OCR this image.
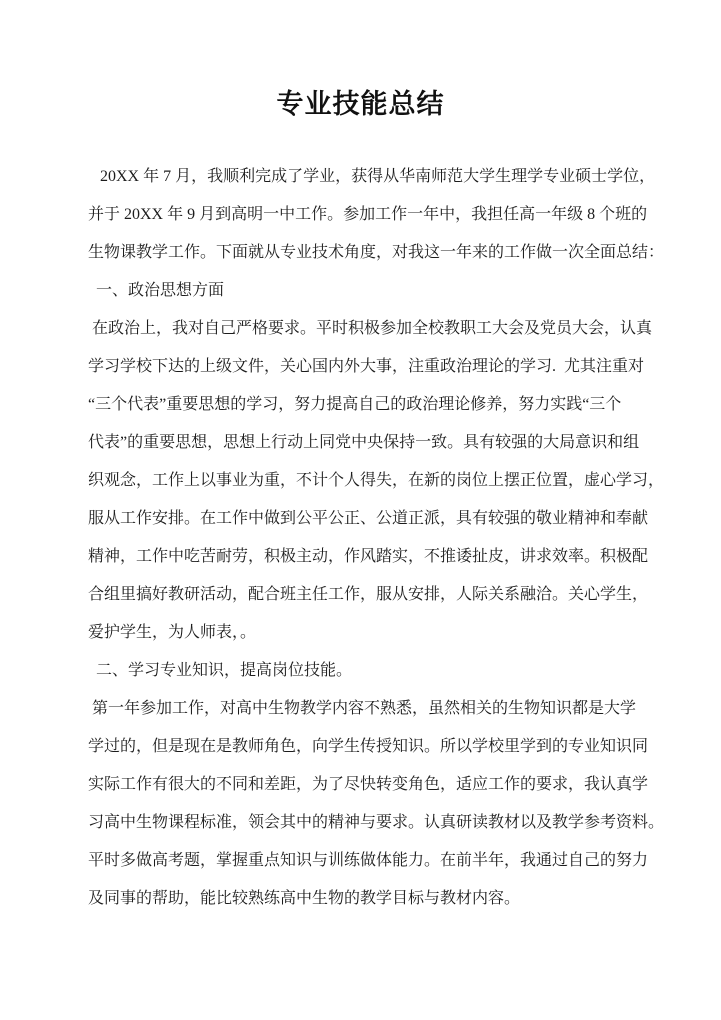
专业技能总结
20XX 年 7 月，我顺利完成了学业，获得从华南师范大学生理学专业硕士学位，
并于 20XX 年 9 月到高明一中工作。参加工作一年中，我担任高一年级 8 个班的
生物课教学工作。下面就从专业技术角度，对我这一年来的工作做一次全面总结：
一、政治思想方面
在政治上，我对自己严格要求。平时积极参加全校教职工大会及党员大会，认真
学习学校下达的上级文件，关心国内外大事，注重政治理论的学习.  尤其注重对
“三个代表”重要思想的学习，努力提高自己的政治理论修养，努力实践“三个
代表”的重要思想，思想上行动上同党中央保持一致。具有较强的大局意识和组
织观念，工作上以事业为重，不计个人得失，在新的岗位上摆正位置，虚心学习，
服从工作安排。在工作中做到公平公正、公道正派，具有较强的敬业精神和奉献
精神，工作中吃苦耐劳，积极主动，作风踏实，不推诿扯皮，讲求效率。积极配
合组里搞好教研活动，配合班主任工作，服从安排，人际关系融洽。关心学生，
爱护学生，为人师表，。
二、学习专业知识，提高岗位技能。
第一年参加工作，对高中生物教学内容不熟悉，虽然相关的生物知识都是大学
学过的，但是现在是教师角色，向学生传授知识。所以学校里学到的专业知识同
实际工作有很大的不同和差距，为了尽快转变角色，适应工作的要求，我认真学
习高中生物课程标准，领会其中的精神与要求。认真研读教材以及教学参考资料。
平时多做高考题，掌握重点知识与训练做体能力。在前半年，我通过自己的努力
及同事的帮助，能比较熟练高中生物的教学目标与教材内容。
